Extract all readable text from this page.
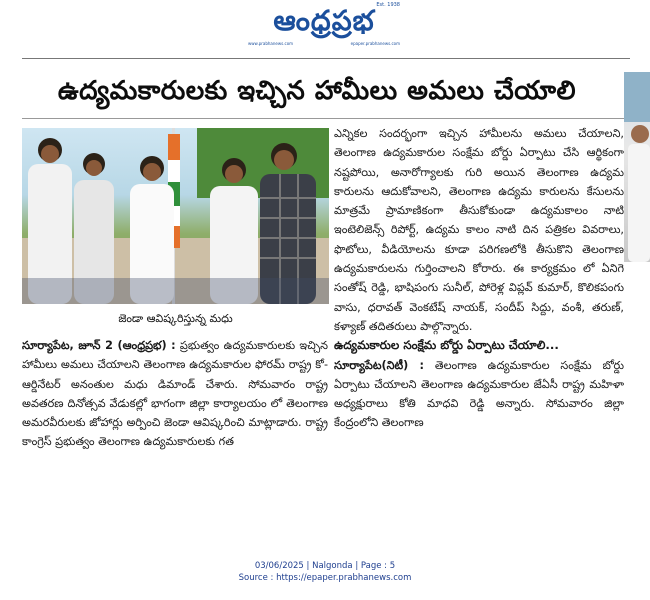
ఆంధ్రప్రభ Est. 1938
www.prabhanews.com	epaper.prabhanews.com
ఉద్యమకారులకు ఇచ్చిన హామీలు అమలు చేయాలి
జెండా ఆవిష్కరిస్తున్న మధు

సూర్యాపేట, జూన్ 2 (ఆంధ్రప్రభ) : ప్రభుత్వం ఉద్యమకారులకు ఇచ్చిన హామీలు అమలు చేయాలని తెలంగాణ ఉద్యమకారుల ఫోరమ్ రాష్ట్ర కో-ఆర్డినేటర్ అనంతుల మధు డిమాండ్ చేశారు. సోమవారం రాష్ట్ర అవతరణ దినోత్సవ వేడుకల్లో భాగంగా జిల్లా కార్యాలయం లో తెలంగాణ అమరవీరులకు జోహార్లు అర్పించి జెండా ఆవిష్కరించి మాట్లాడారు. రాష్ట్ర కాంగ్రెస్ ప్రభుత్వం తెలంగాణ ఉద్యమకారులకు గత

ఎన్నికల సందర్భంగా ఇచ్చిన హామీలను అమలు చేయాలని, తెలంగాణ ఉద్యమకారుల సంక్షేమ బోర్డు ఏర్పాటు చేసి ఆర్థికంగా నష్టపోయి, అనారోగ్యాలకు గురి అయిన తెలంగాణ ఉద్యమ కారులను ఆదుకోవాలని, తెలంగాణ ఉద్యమ కారులను కేసులను మాత్రమే ప్రామాణికంగా తీసుకోకుండా ఉద్యమకాలం నాటి ఇంటెలిజెన్స్ రిపోర్ట్, ఉద్యమ కాలం నాటి దిన పత్రికల వివరాలు, ఫొటోలు, వీడియోలను కూడా పరిగణలోకి తీసుకొని తెలంగాణ ఉద్యమకారులను గుర్తించాలని కోరారు. ఈ కార్యక్రమం లో ఏనిగె సంతోష్ రెడ్డి, భాషిపంగు సునీల్, పోరెళ్ల విప్లవ్ కుమార్, కొలికపంగు వాసు, ధరావత్ వెంకటేష్ నాయక్, సందీప్ సిద్దు, వంశీ, తరుణ్, కళ్యాణ్ తదితరులు పాల్గొన్నారు.

ఉద్యమకారుల సంక్షేమ బోర్డు ఏర్పాటు చేయాలి...

సూర్యాపేట(నిటీ) : తెలంగాణ ఉద్యమకారుల సంక్షేమ బోర్డు ఏర్పాటు చేయాలని తెలంగాణ ఉద్యమకారుల జేఏసీ రాష్ట్ర మహిళా అధ్యక్షురాలు కోతి మాధవి రెడ్డి అన్నారు. సోమవారం జిల్లా కేంద్రంలోని తెలంగాణ

03/06/2025 | Nalgonda | Page : 5
Source : https://epaper.prabhanews.com
